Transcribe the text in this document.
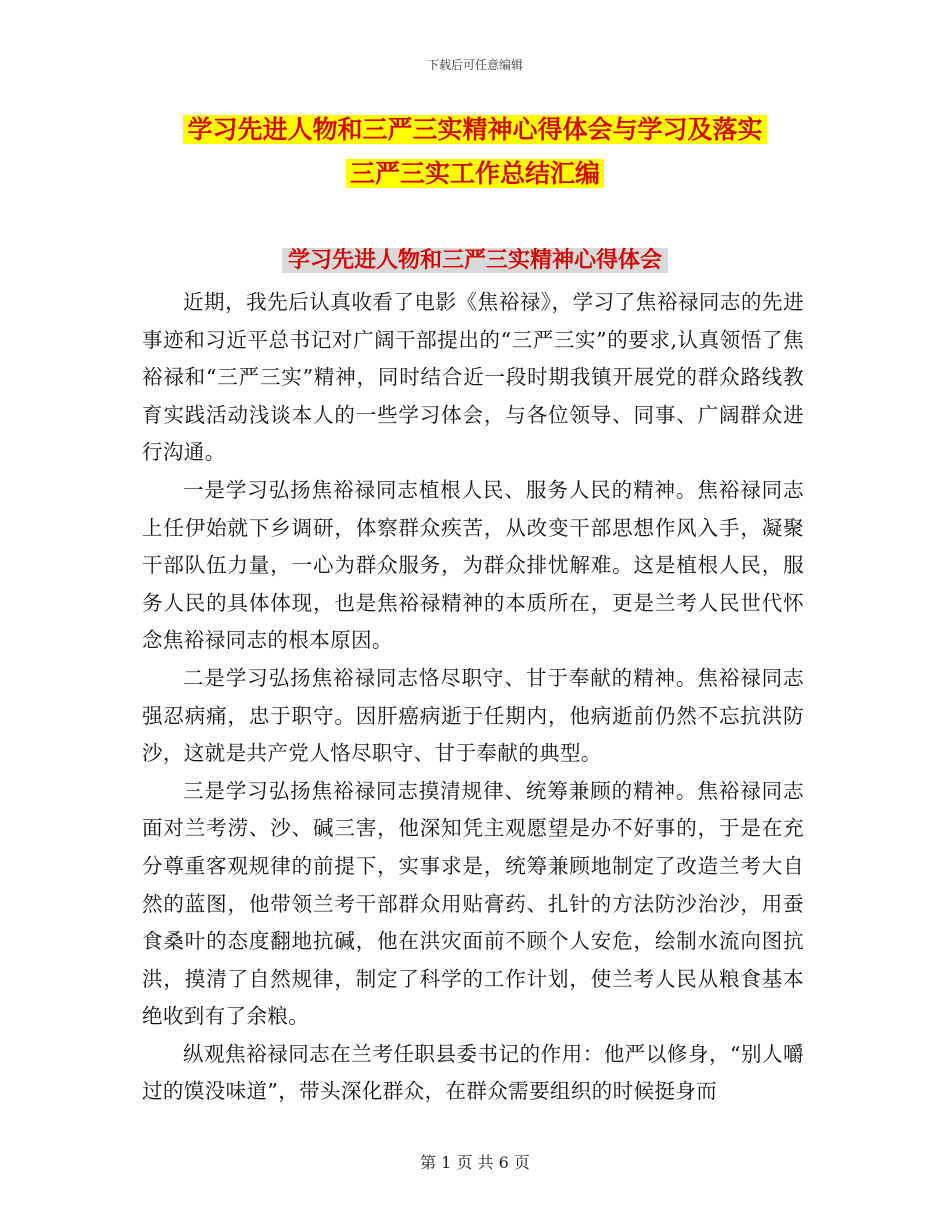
下载后可任意编辑
学习先进人物和三严三实精神心得体会与学习及落实
三严三实工作总结汇编
学习先进人物和三严三实精神心得体会

近期，我先后认真收看了电影《焦裕禄》，学习了焦裕禄同志的先进事迹和习近平总书记对广阔干部提出的“三严三实”的要求,认真领悟了焦裕禄和“三严三实”精神，同时结合近一段时期我镇开展党的群众路线教育实践活动浅谈本人的一些学习体会，与各位领导、同事、广阔群众进行沟通。

一是学习弘扬焦裕禄同志植根人民、服务人民的精神。焦裕禄同志上任伊始就下乡调研，体察群众疾苦，从改变干部思想作风入手，凝聚干部队伍力量，一心为群众服务，为群众排忧解难。这是植根人民，服务人民的具体体现，也是焦裕禄精神的本质所在，更是兰考人民世代怀念焦裕禄同志的根本原因。

二是学习弘扬焦裕禄同志恪尽职守、甘于奉献的精神。焦裕禄同志强忍病痛，忠于职守。因肝癌病逝于任期内，他病逝前仍然不忘抗洪防沙，这就是共产党人恪尽职守、甘于奉献的典型。

三是学习弘扬焦裕禄同志摸清规律、统筹兼顾的精神。焦裕禄同志面对兰考涝、沙、碱三害，他深知凭主观愿望是办不好事的，于是在充分尊重客观规律的前提下，实事求是，统筹兼顾地制定了改造兰考大自然的蓝图，他带领兰考干部群众用贴膏药、扎针的方法防沙治沙，用蚕食桑叶的态度翻地抗碱，他在洪灾面前不顾个人安危，绘制水流向图抗洪，摸清了自然规律，制定了科学的工作计划，使兰考人民从粮食基本绝收到有了余粮。

纵观焦裕禄同志在兰考任职县委书记的作用：他严以修身，“别人嚼过的馍没味道”，带头深化群众，在群众需要组织的时候挺身而

第 1 页 共 6 页
